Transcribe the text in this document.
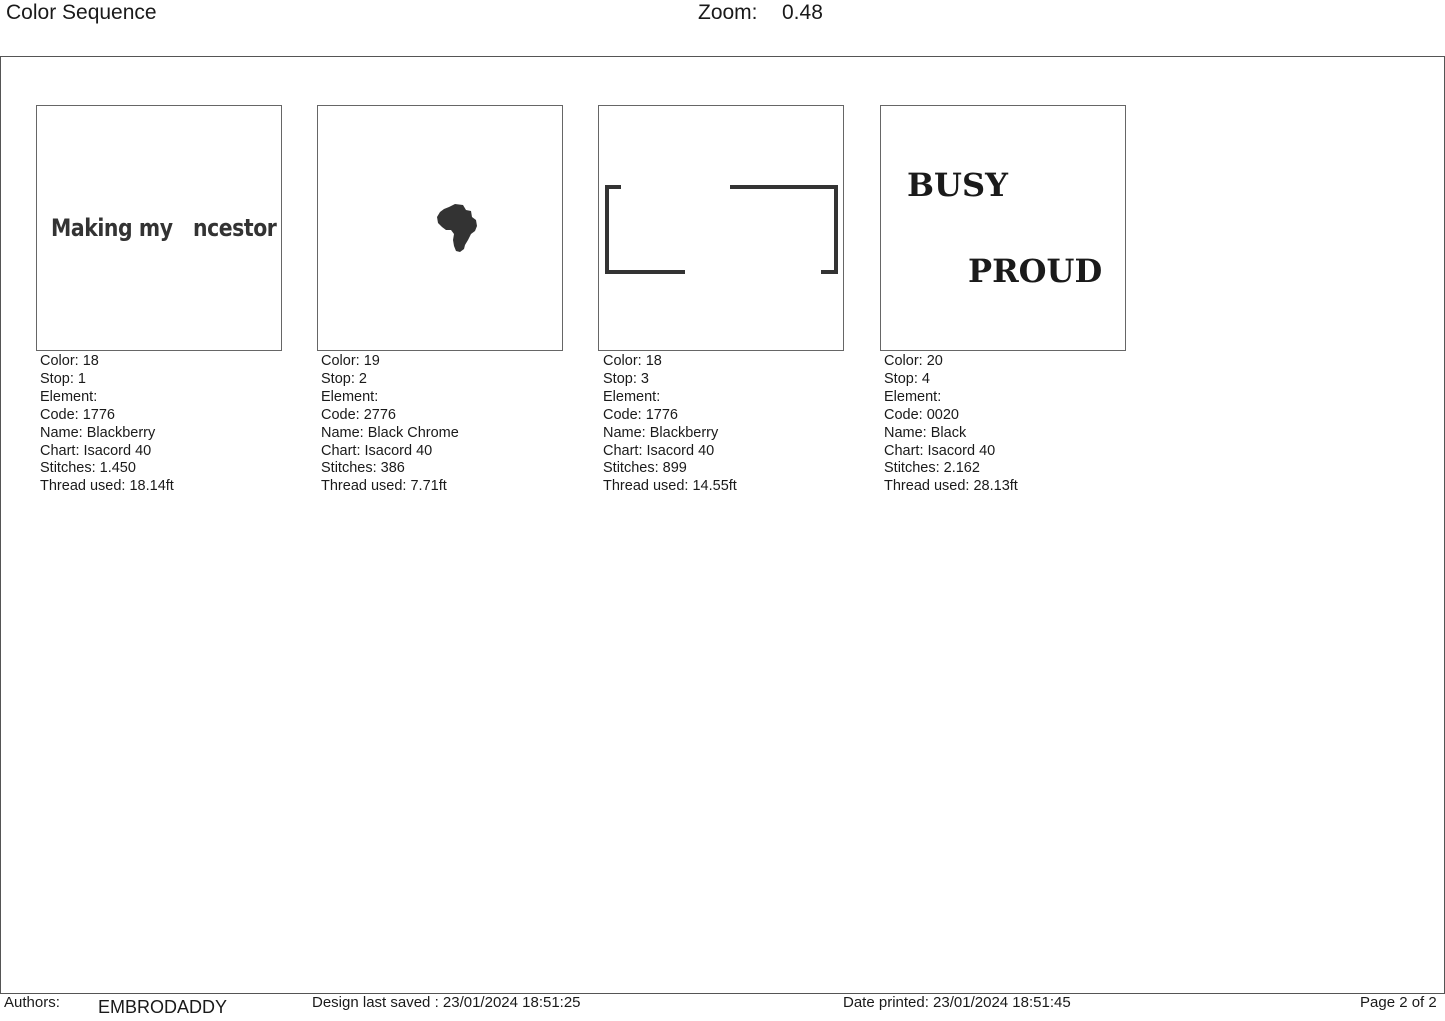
Color Sequence	Zoom: 0.48
Making my ncestor
Color: 18
Stop: 1
Element:
Code: 1776
Name: Blackberry
Chart: Isacord 40
Stitches: 1.450
Thread used: 18.14ft
Color: 19
Stop: 2
Element:
Code: 2776
Name: Black Chrome
Chart: Isacord 40
Stitches: 386
Thread used: 7.71ft
Color: 18
Stop: 3
Element:
Code: 1776
Name: Blackberry
Chart: Isacord 40
Stitches: 899
Thread used: 14.55ft
BUSY
PROUD
Color: 20
Stop: 4
Element:
Code: 0020
Name: Black
Chart: Isacord 40
Stitches: 2.162
Thread used: 28.13ft
Authors: EMBRODADDY	Design last saved : 23/01/2024 18:51:25	Date printed: 23/01/2024 18:51:45	Page 2 of 2
